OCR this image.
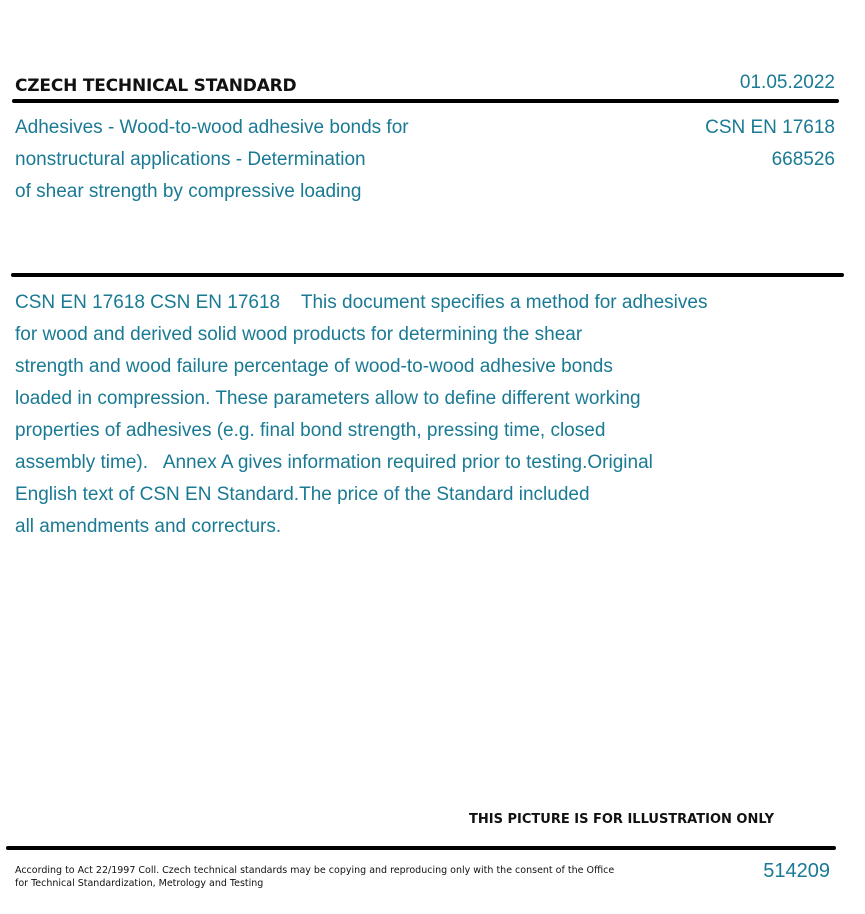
CZECH TECHNICAL STANDARD	01.05.2022
Adhesives - Wood-to-wood adhesive bonds for
nonstructural applications - Determination
of shear strength by compressive loading
CSN EN 17618
668526
CSN EN 17618 CSN EN 17618    This document specifies a method for adhesives
for wood and derived solid wood products for determining the shear
strength and wood failure percentage of wood-to-wood adhesive bonds
loaded in compression. These parameters allow to define different working
properties of adhesives (e.g. final bond strength, pressing time, closed
assembly time).   Annex A gives information required prior to testing.Original
English text of CSN EN Standard.The price of the Standard included
all amendments and correcturs.
THIS PICTURE IS FOR ILLUSTRATION ONLY
According to Act 22/1997 Coll. Czech technical standards may be copying and reproducing only with the consent of the Office
for Technical Standardization, Metrology and Testing
514209
